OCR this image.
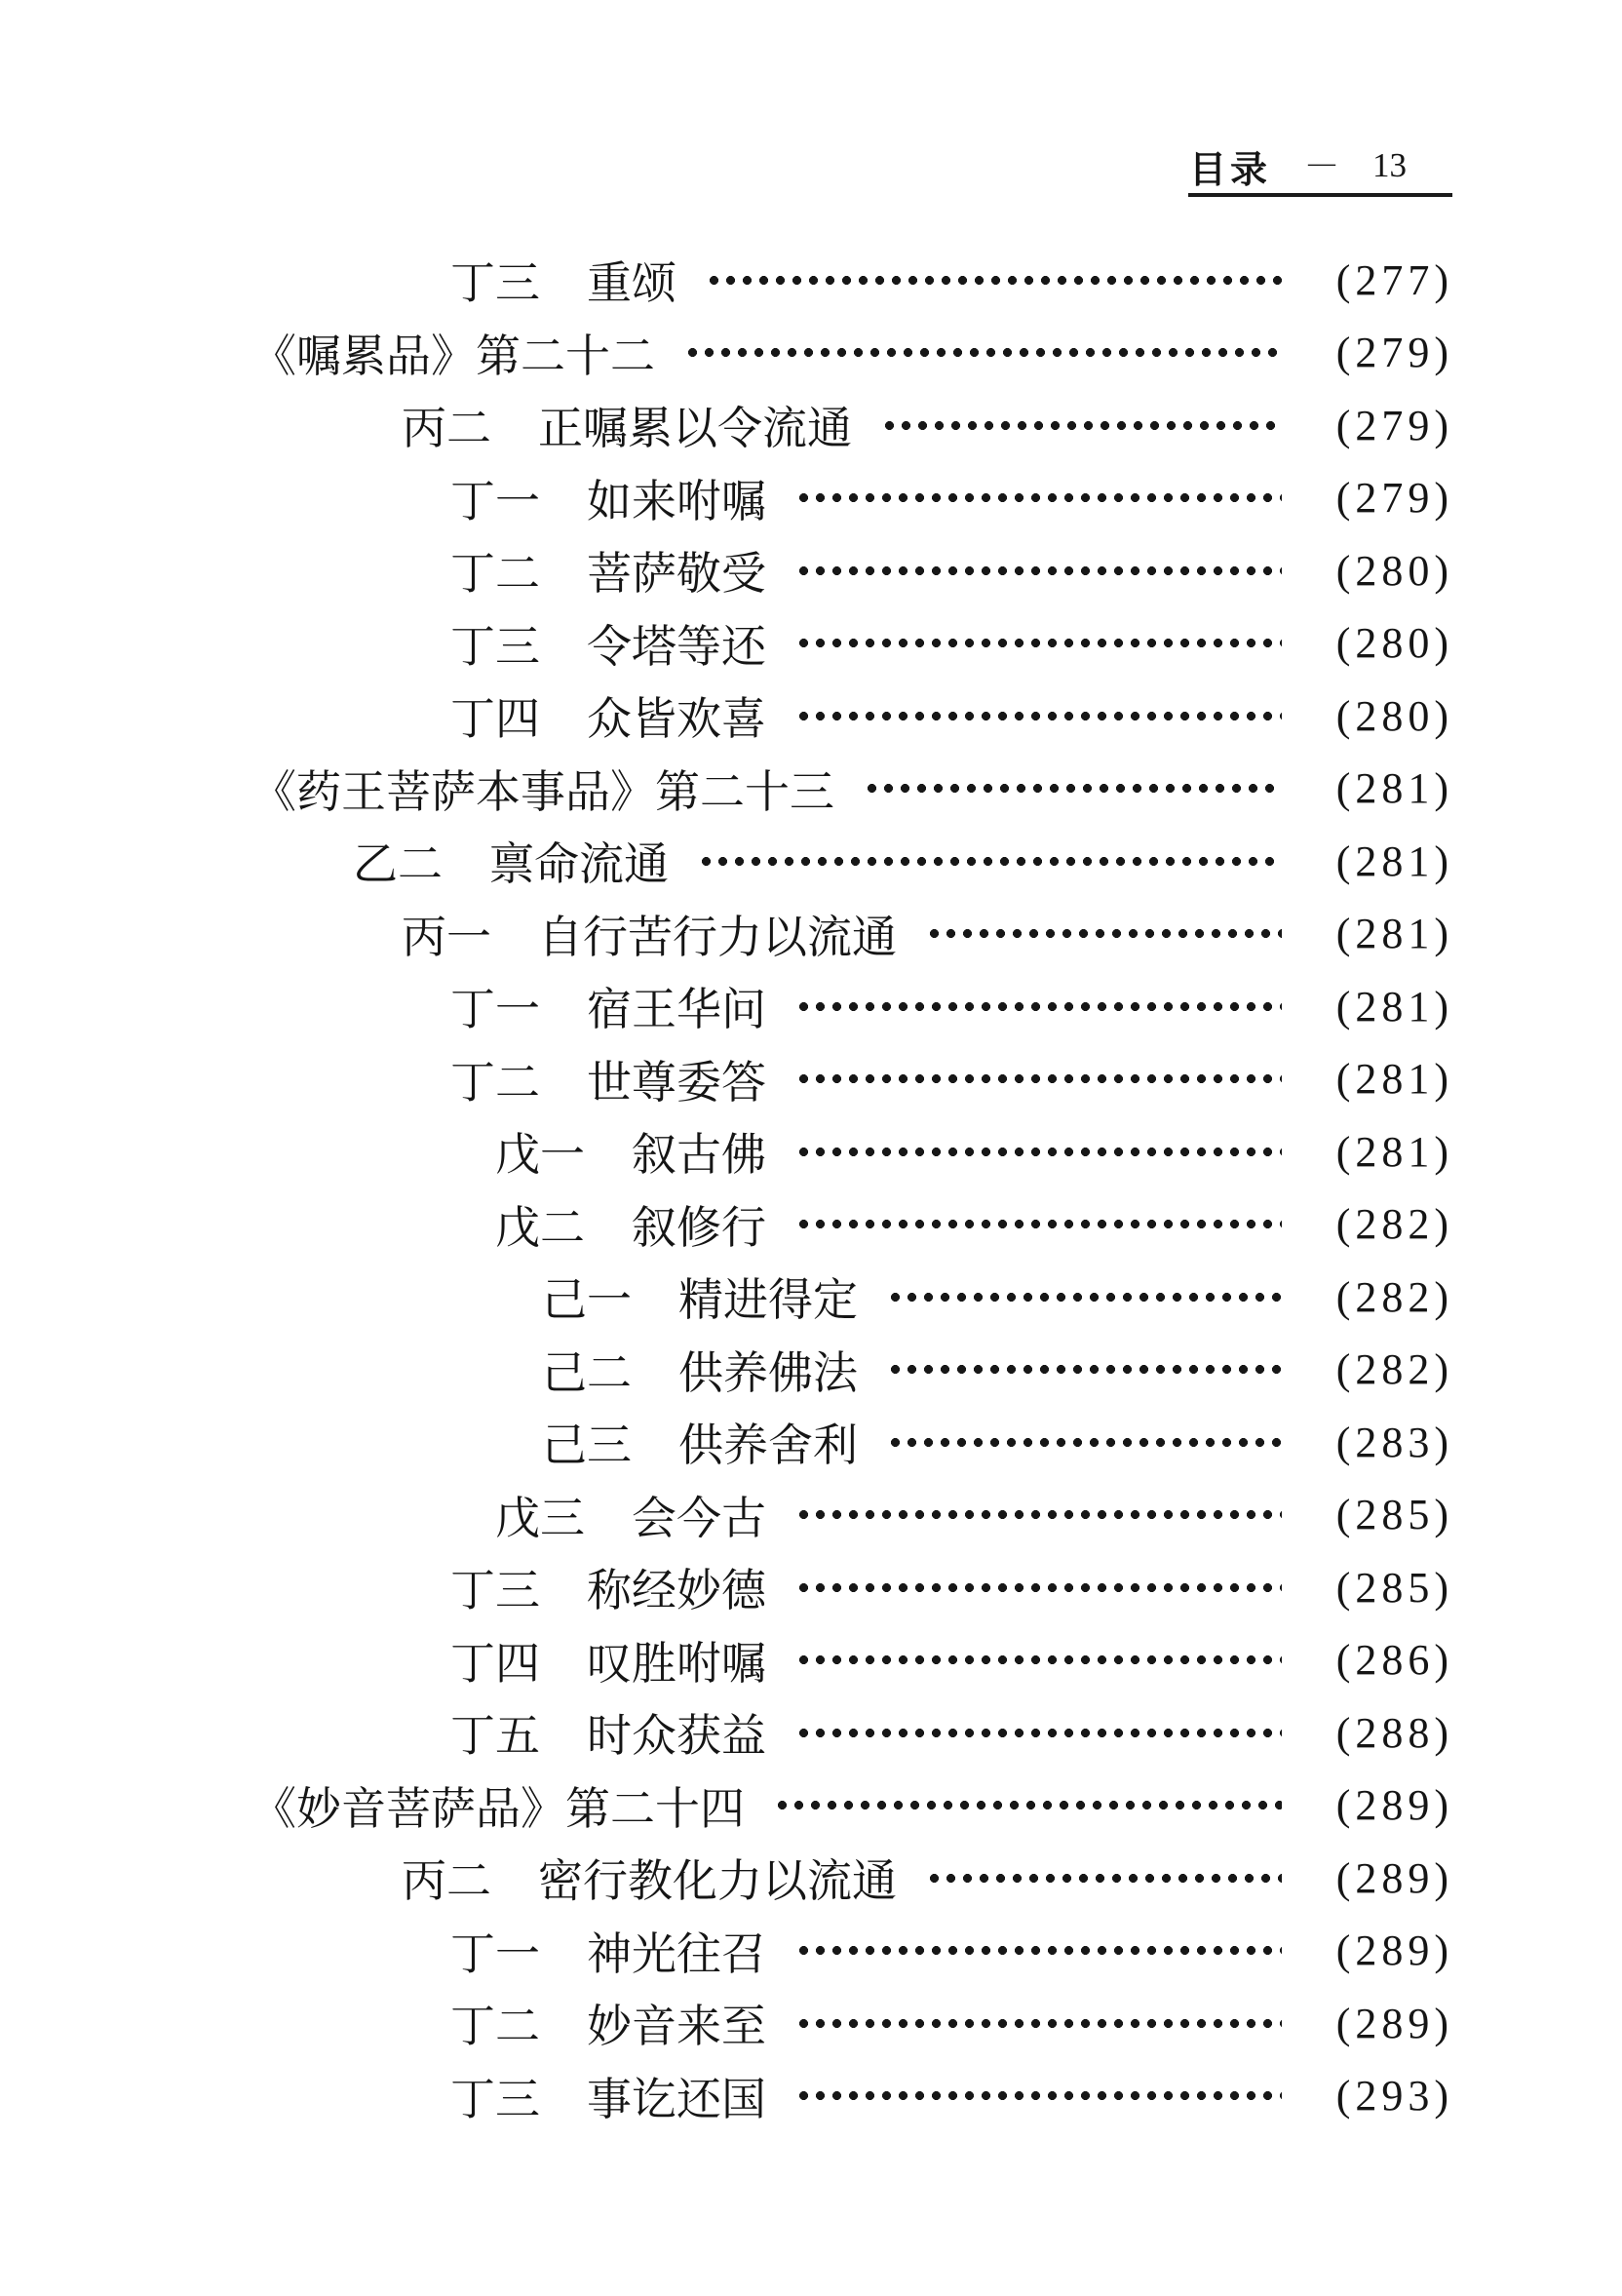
目录 — 13
丁三 重颂	(277)
《嘱累品》第二十二	(279)
丙二 正嘱累以令流通	(279)
丁一 如来咐嘱	(279)
丁二 菩萨敬受	(280)
丁三 令塔等还	(280)
丁四 众皆欢喜	(280)
《药王菩萨本事品》第二十三	(281)
乙二 禀命流通	(281)
丙一 自行苦行力以流通	(281)
丁一 宿王华问	(281)
丁二 世尊委答	(281)
戊一 叙古佛	(281)
戊二 叙修行	(282)
己一 精进得定	(282)
己二 供养佛法	(282)
己三 供养舍利	(283)
戊三 会今古	(285)
丁三 称经妙德	(285)
丁四 叹胜咐嘱	(286)
丁五 时众获益	(288)
《妙音菩萨品》第二十四	(289)
丙二 密行教化力以流通	(289)
丁一 神光往召	(289)
丁二 妙音来至	(289)
丁三 事讫还国	(293)
